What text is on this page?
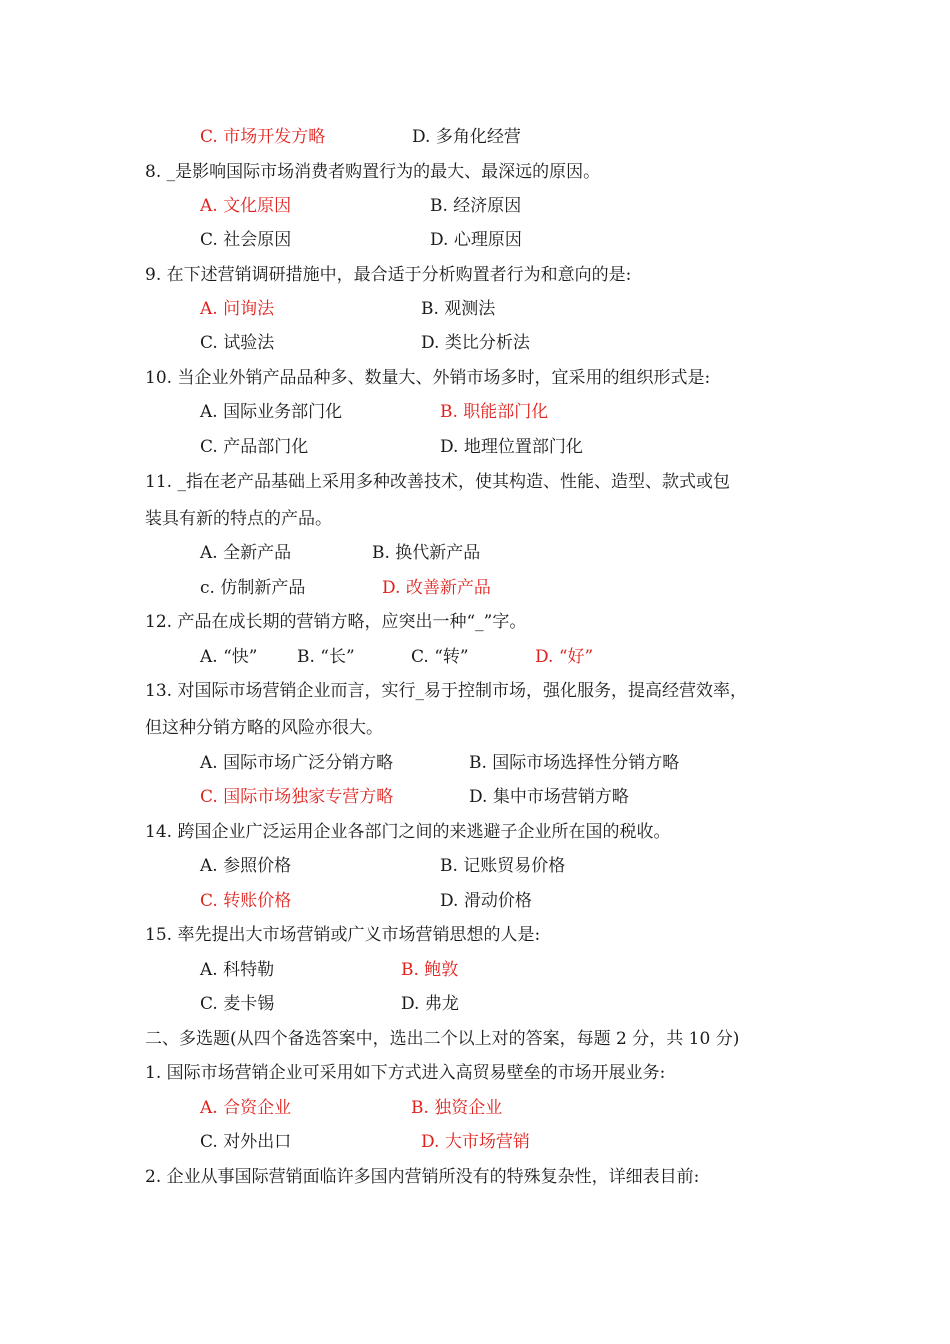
C. 市场开发方略	D. 多角化经营
8. _是影响国际市场消费者购置行为的最大、最深远的原因。
A. 文化原因	B. 经济原因
C. 社会原因	D. 心理原因
9. 在下述营销调研措施中，最合适于分析购置者行为和意向的是:
A. 问询法	B. 观测法
C. 试验法	D. 类比分析法
10. 当企业外销产品品种多、数量大、外销市场多时，宜采用的组织形式是:
A. 国际业务部门化	B. 职能部门化
C. 产品部门化	D. 地理位置部门化
11. _指在老产品基础上采用多种改善技术，使其构造、性能、造型、款式或包
装具有新的特点的产品。
A. 全新产品	B. 换代新产品
c. 仿制新产品	D. 改善新产品
12. 产品在成长期的营销方略，应突出一种“_”字。
A. “快” B. “长”	C. “转”	D. “好”
13. 对国际市场营销企业而言，实行_易于控制市场，强化服务，提高经营效率，
但这种分销方略的风险亦很大。
A. 国际市场广泛分销方略	B. 国际市场选择性分销方略
C. 国际市场独家专营方略	D. 集中市场营销方略
14. 跨国企业广泛运用企业各部门之间的来逃避子企业所在国的税收。
A. 参照价格	B. 记账贸易价格
C. 转账价格	D. 滑动价格
15. 率先提出大市场营销或广义市场营销思想的人是:
A. 科特勒	B. 鲍敦
C. 麦卡锡	D. 弗龙
二、多选题(从四个备选答案中，选出二个以上对的答案，每题 2 分，共 10 分)
1. 国际市场营销企业可采用如下方式进入高贸易壁垒的市场开展业务:
A. 合资企业	B. 独资企业
C. 对外出口	D. 大市场营销
2. 企业从事国际营销面临许多国内营销所没有的特殊复杂性，详细表目前:
